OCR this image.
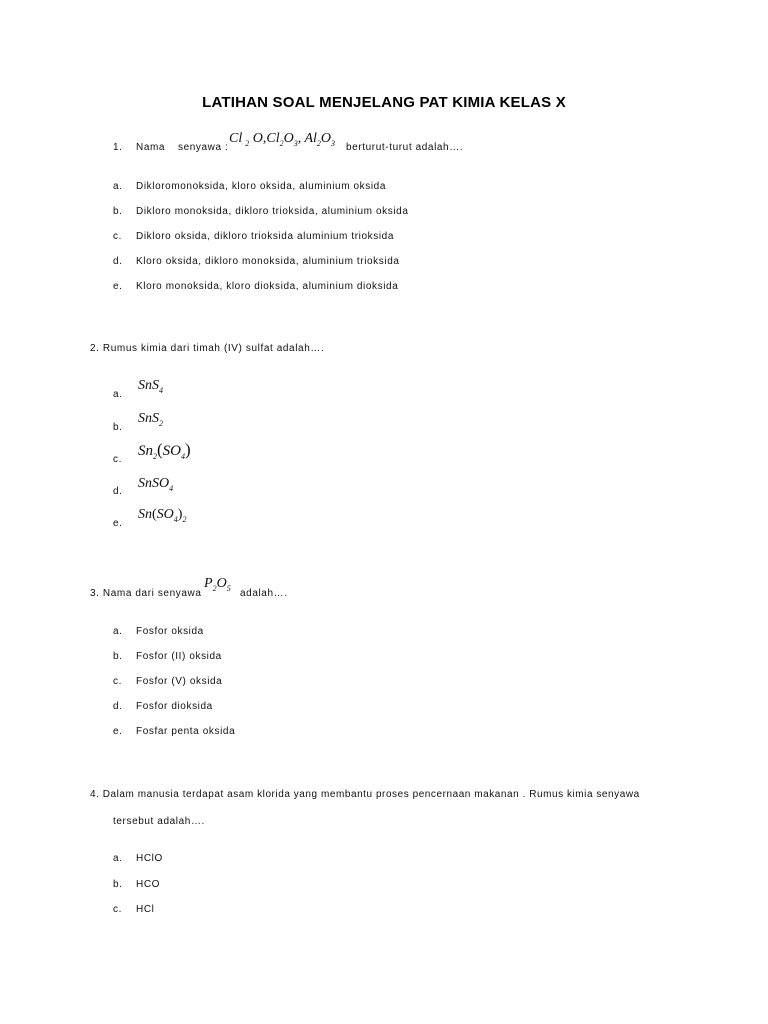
LATIHAN SOAL MENJELANG PAT KIMIA KELAS X
1. Nama senyawa :
Cl $_2$ $O,Cl_2O_3$, $Al_2O_3$ berturut-turut adalah….
a. Dikloromonoksida, kloro oksida, aluminium oksida
b. Dikloro monoksida, dikloro trioksida, aluminium oksida
c. Dikloro oksida, dikloro trioksida aluminium trioksida
d. Kloro oksida, dikloro monoksida, aluminium trioksida
e. Kloro monoksida, kloro dioksida, aluminium dioksida
2. Rumus kimia dari timah (IV) sulfat adalah….
a.
SnS$_4$
b.
SnS$_2$
c.
$Sn_2(SO_4)$
d.
SnSO$_4$
e.
$Sn(SO_4)_2$
3. Nama dari senyawa
$P_2O_5$ adalah….
a. Fosfor oksida
b. Fosfor (II) oksida
c. Fosfor (V) oksida
d. Fosfor dioksida
e. Fosfar penta oksida
4. Dalam manusia terdapat asam klorida yang membantu proses pencernaan makanan . Rumus kimia senyawa
tersebut adalah….
a. HClO
b. HCO
c. HCl
